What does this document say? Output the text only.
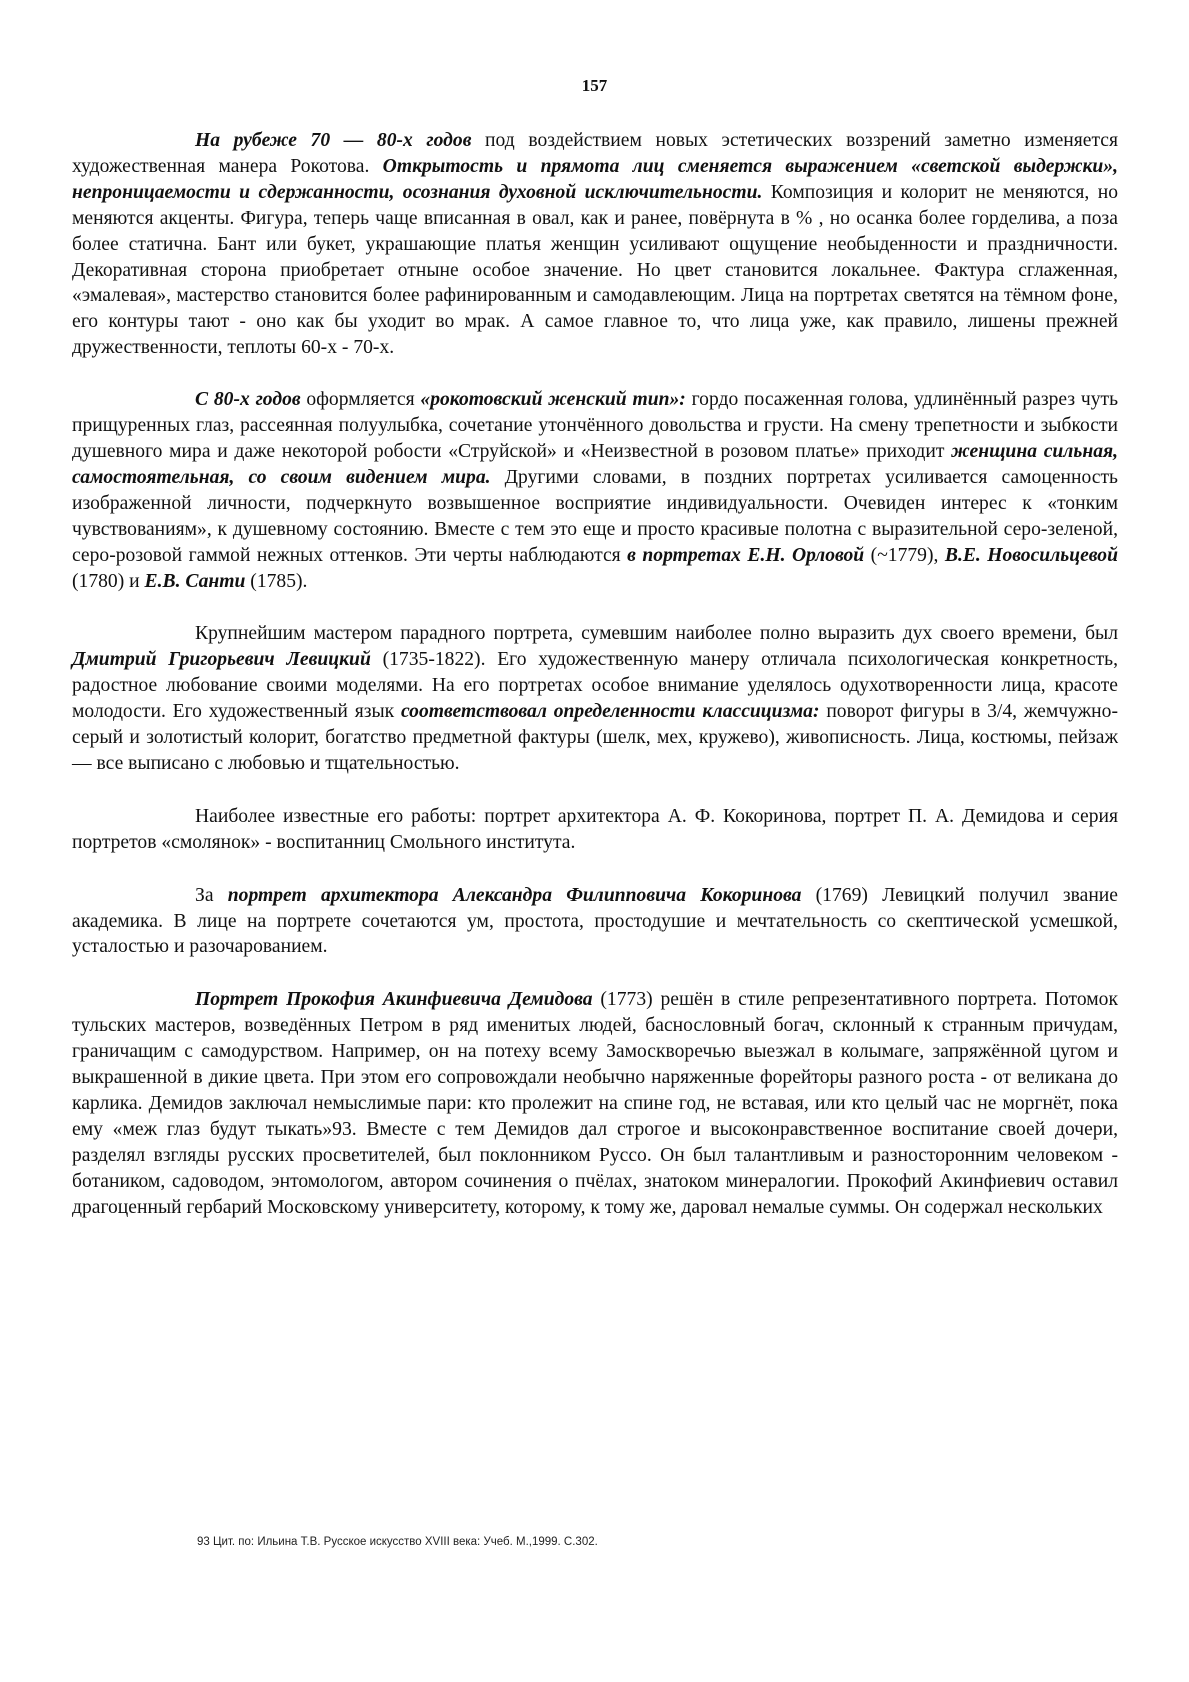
157

На рубеже 70 — 80-х годов под воздействием новых эстетических воззрений заметно изменяется художественная манера Рокотова. Открытость и прямота лиц сменяется выражением «светской выдержки», непроницаемости и сдержанности, осознания духовной исключительности. Композиция и колорит не меняются, но меняются акценты. Фигура, теперь чаще вписанная в овал, как и ранее, повёрнута в % , но осанка более горделива, а поза более статична. Бант или букет, украшающие платья женщин усиливают ощущение необыденности и праздничности. Декоративная сторона приобретает отныне особое значение. Но цвет становится локальнее. Фактура сглаженная, «эмалевая», мастерство становится более рафинированным и самодавлеющим. Лица на портретах светятся на тёмном фоне, его контуры тают - оно как бы уходит во мрак. А самое главное то, что лица уже, как правило, лишены прежней дружественности, теплоты 60-х - 70-х.

С 80-х годов оформляется «рокотовский женский тип»: гордо посаженная голова, удлинённый разрез чуть прищуренных глаз, рассеянная полуулыбка, сочетание утончённого довольства и грусти. На смену трепетности и зыбкости душевного мира и даже некоторой робости «Струйской» и «Неизвестной в розовом платье» приходит женщина сильная, самостоятельная, со своим видением мира. Другими словами, в поздних портретах усиливается самоценность изображенной личности, подчеркнуто возвышенное восприятие индивидуальности. Очевиден интерес к «тонким чувствованиям», к душевному состоянию. Вместе с тем это еще и просто красивые полотна с выразительной серо-зеленой, серо-розовой гаммой нежных оттенков. Эти черты наблюдаются в портретах Е.Н. Орловой (~1779), В.Е. Новосильцевой (1780) и Е.В. Санти (1785).

Крупнейшим мастером парадного портрета, сумевшим наиболее полно выразить дух своего времени, был Дмитрий Григорьевич Левицкий (1735-1822). Его художественную манеру отличала психологическая конкретность, радостное любование своими моделями. На его портретах особое внимание уделялось одухотворенности лица, красоте молодости. Его художественный язык соответствовал определенности классицизма: поворот фигуры в 3/4, жемчужно-серый и золотистый колорит, богатство предметной фактуры (шелк, мех, кружево), живописность. Лица, костюмы, пейзаж — все выписано с любовью и тщательностью.

Наиболее известные его работы: портрет архитектора А. Ф. Кокоринова, портрет П. А. Демидова и серия портретов «смолянок» - воспитанниц Смольного института.

За портрет архитектора Александра Филипповича Кокоринова (1769) Левицкий получил звание академика. В лице на портрете сочетаются ум, простота, простодушие и мечтательность со скептической усмешкой, усталостью и разочарованием.

Портрет Прокофия Акинфиевича Демидова (1773) решён в стиле репрезентативного портрета. Потомок тульских мастеров, возведённых Петром в ряд именитых людей, баснословный богач, склонный к странным причудам, граничащим с самодурством. Например, он на потеху всему Замоскворечью выезжал в колымаге, запряжённой цугом и выкрашенной в дикие цвета. При этом его сопровождали необычно наряженные форейторы разного роста - от великана до карлика. Демидов заключал немыслимые пари: кто пролежит на спине год, не вставая, или кто целый час не моргнёт, пока ему «меж глаз будут тыкать»93. Вместе с тем Демидов дал строгое и высоконравственное воспитание своей дочери, разделял взгляды русских просветителей, был поклонником Руссо. Он был талантливым и разносторонним человеком - ботаником, садоводом, энтомологом, автором сочинения о пчёлах, знатоком минералогии. Прокофий Акинфиевич оставил драгоценный гербарий Московскому университету, которому, к тому же, даровал немалые суммы. Он содержал нескольких

93 Цит. по: Ильина Т.В. Русское искусство XVIII века: Учеб. М.,1999. С.302.
